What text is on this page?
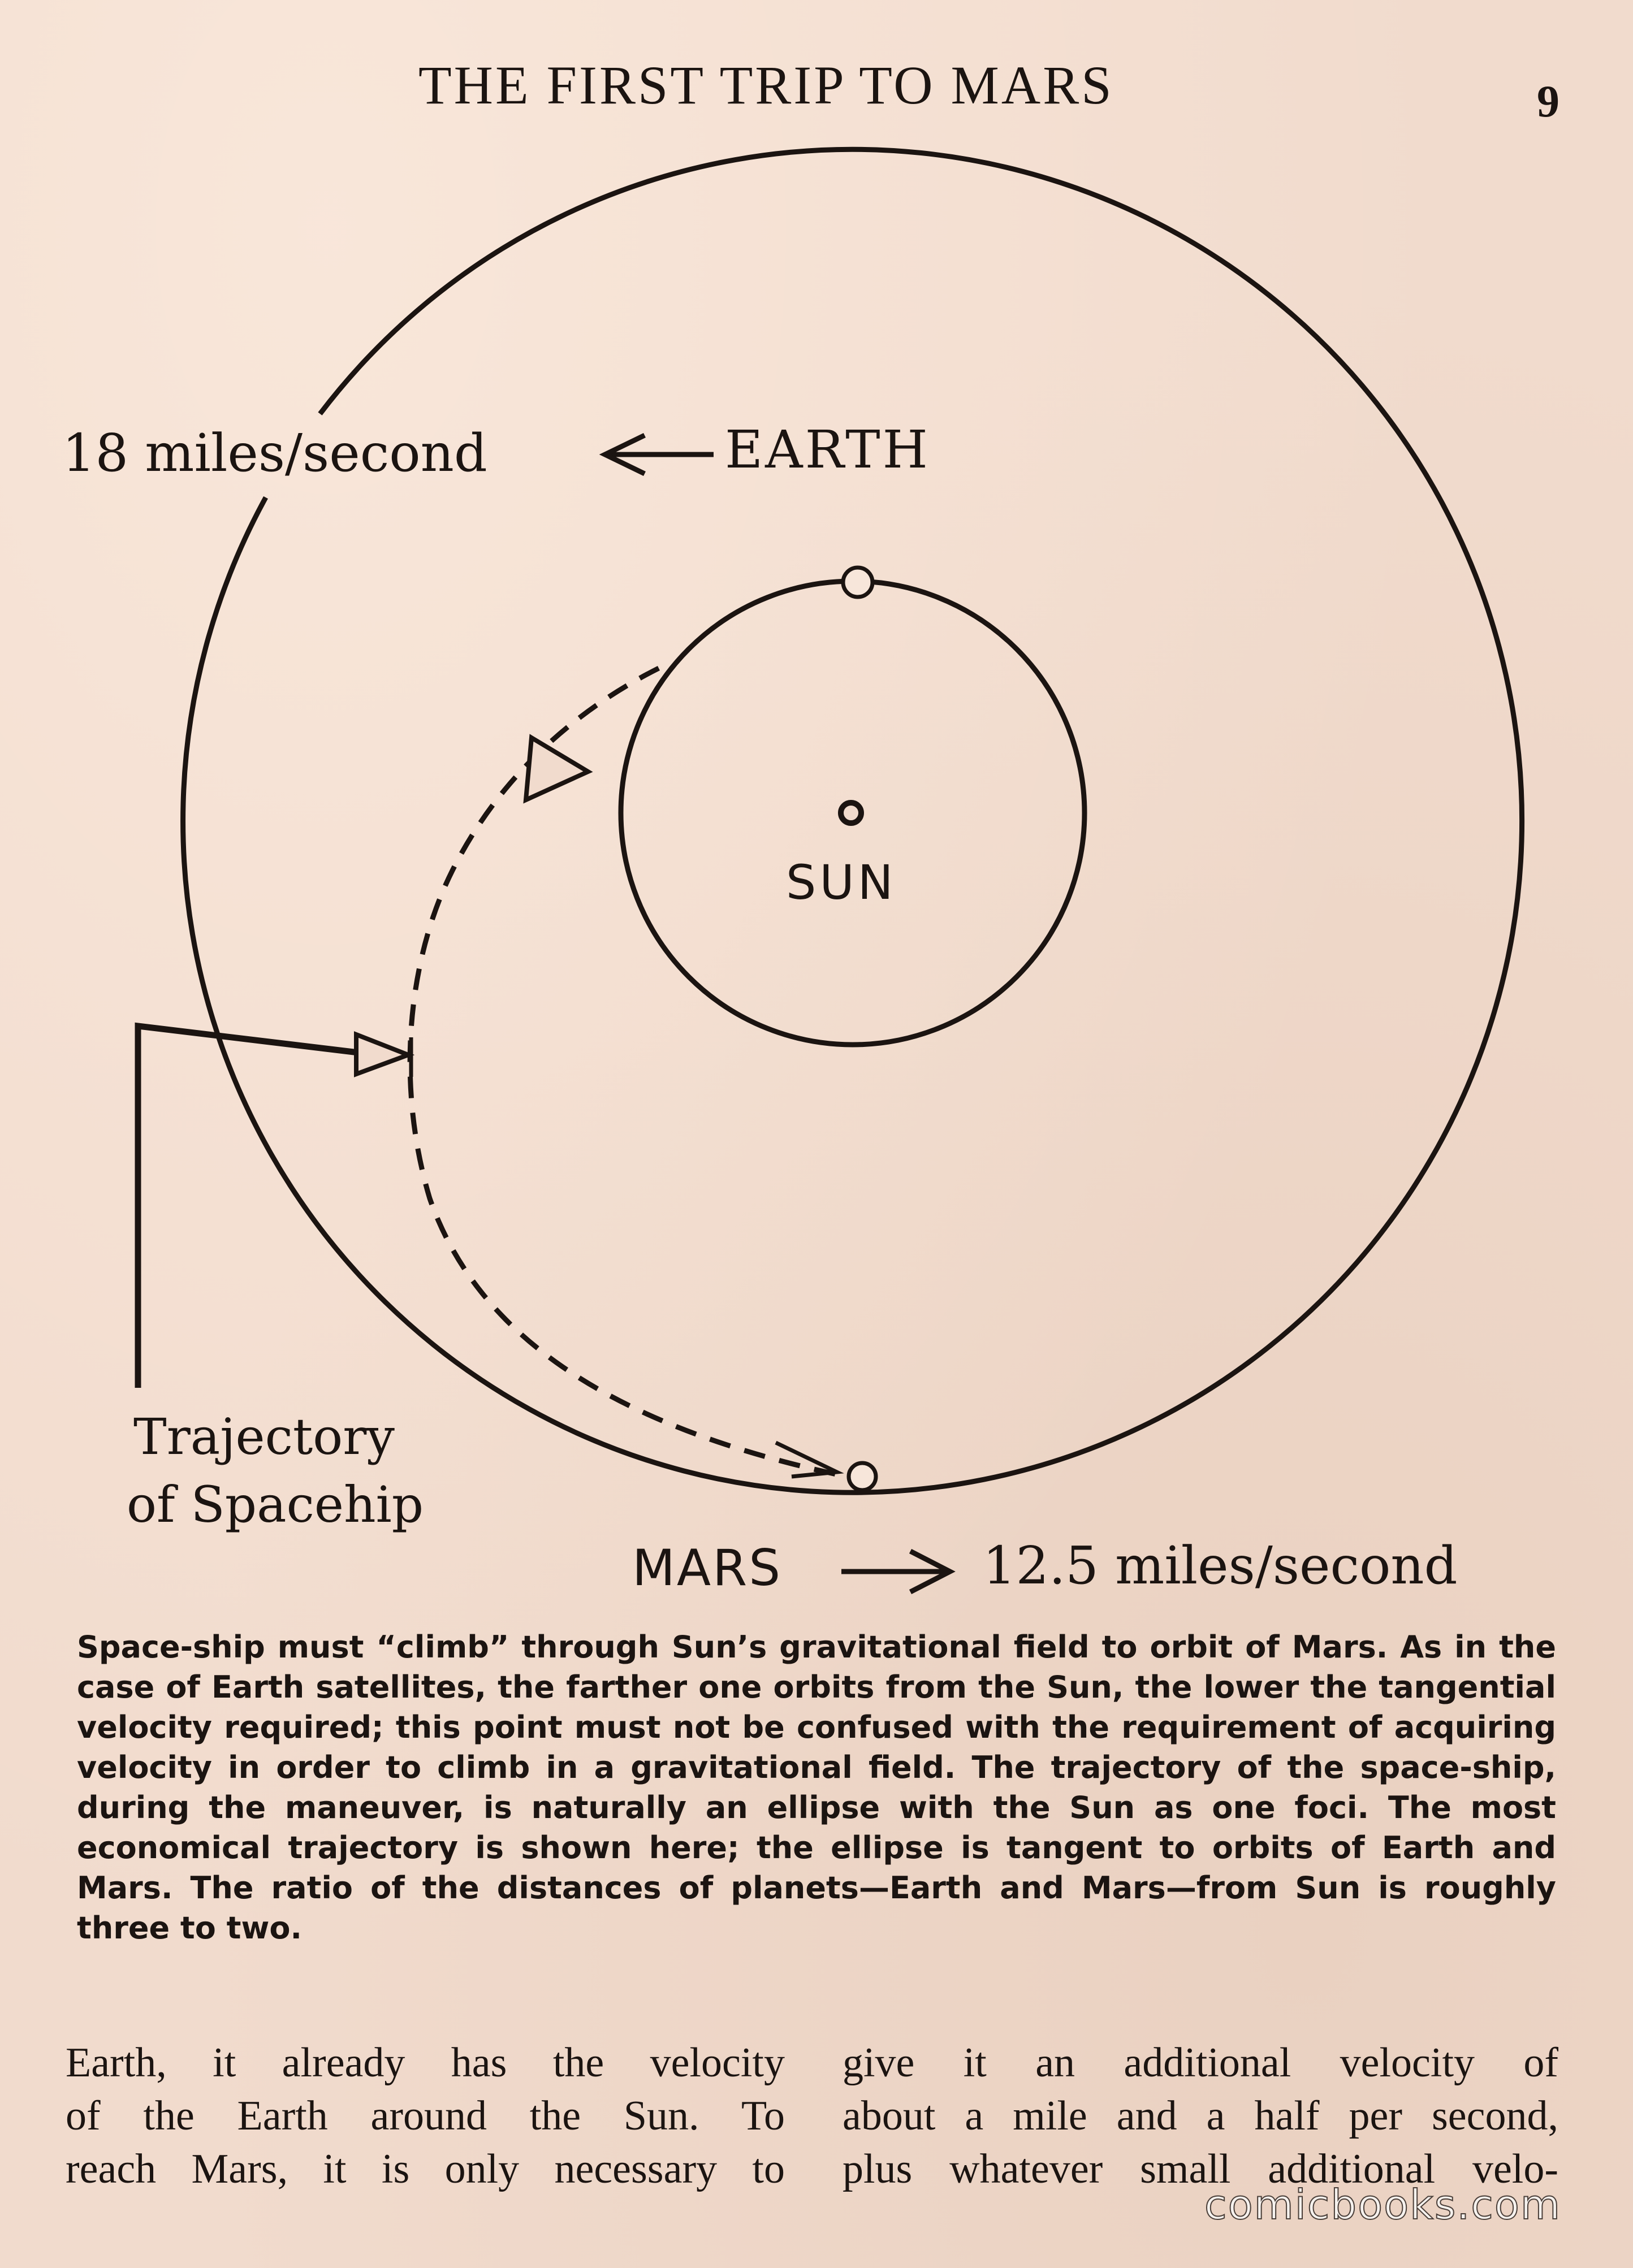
THE FIRST TRIP TO MARS	9
18 miles/second	EARTH
SUN
Trajectory
of Spacehip
MARS	12.5 miles/second
Space-ship must “climb” through Sun’s gravitational field to orbit of Mars. As in the case of Earth satellites, the farther one orbits from the Sun, the lower the tangential velocity required; this point must not be confused with the requirement of acquiring velocity in order to climb in a gravitational field. The trajectory of the space-ship, during the maneuver, is naturally an ellipse with the Sun as one foci. The most economical trajectory is shown here; the ellipse is tangent to orbits of Earth and Mars. The ratio of the distances of planets—Earth and Mars—from Sun is roughly three to two.
Earth, it already has the velocity
of the Earth around the Sun. To
reach Mars, it is only necessary to
give it an additional velocity of
about a mile and a half per second,
plus whatever small additional velo-
comicbooks.com
